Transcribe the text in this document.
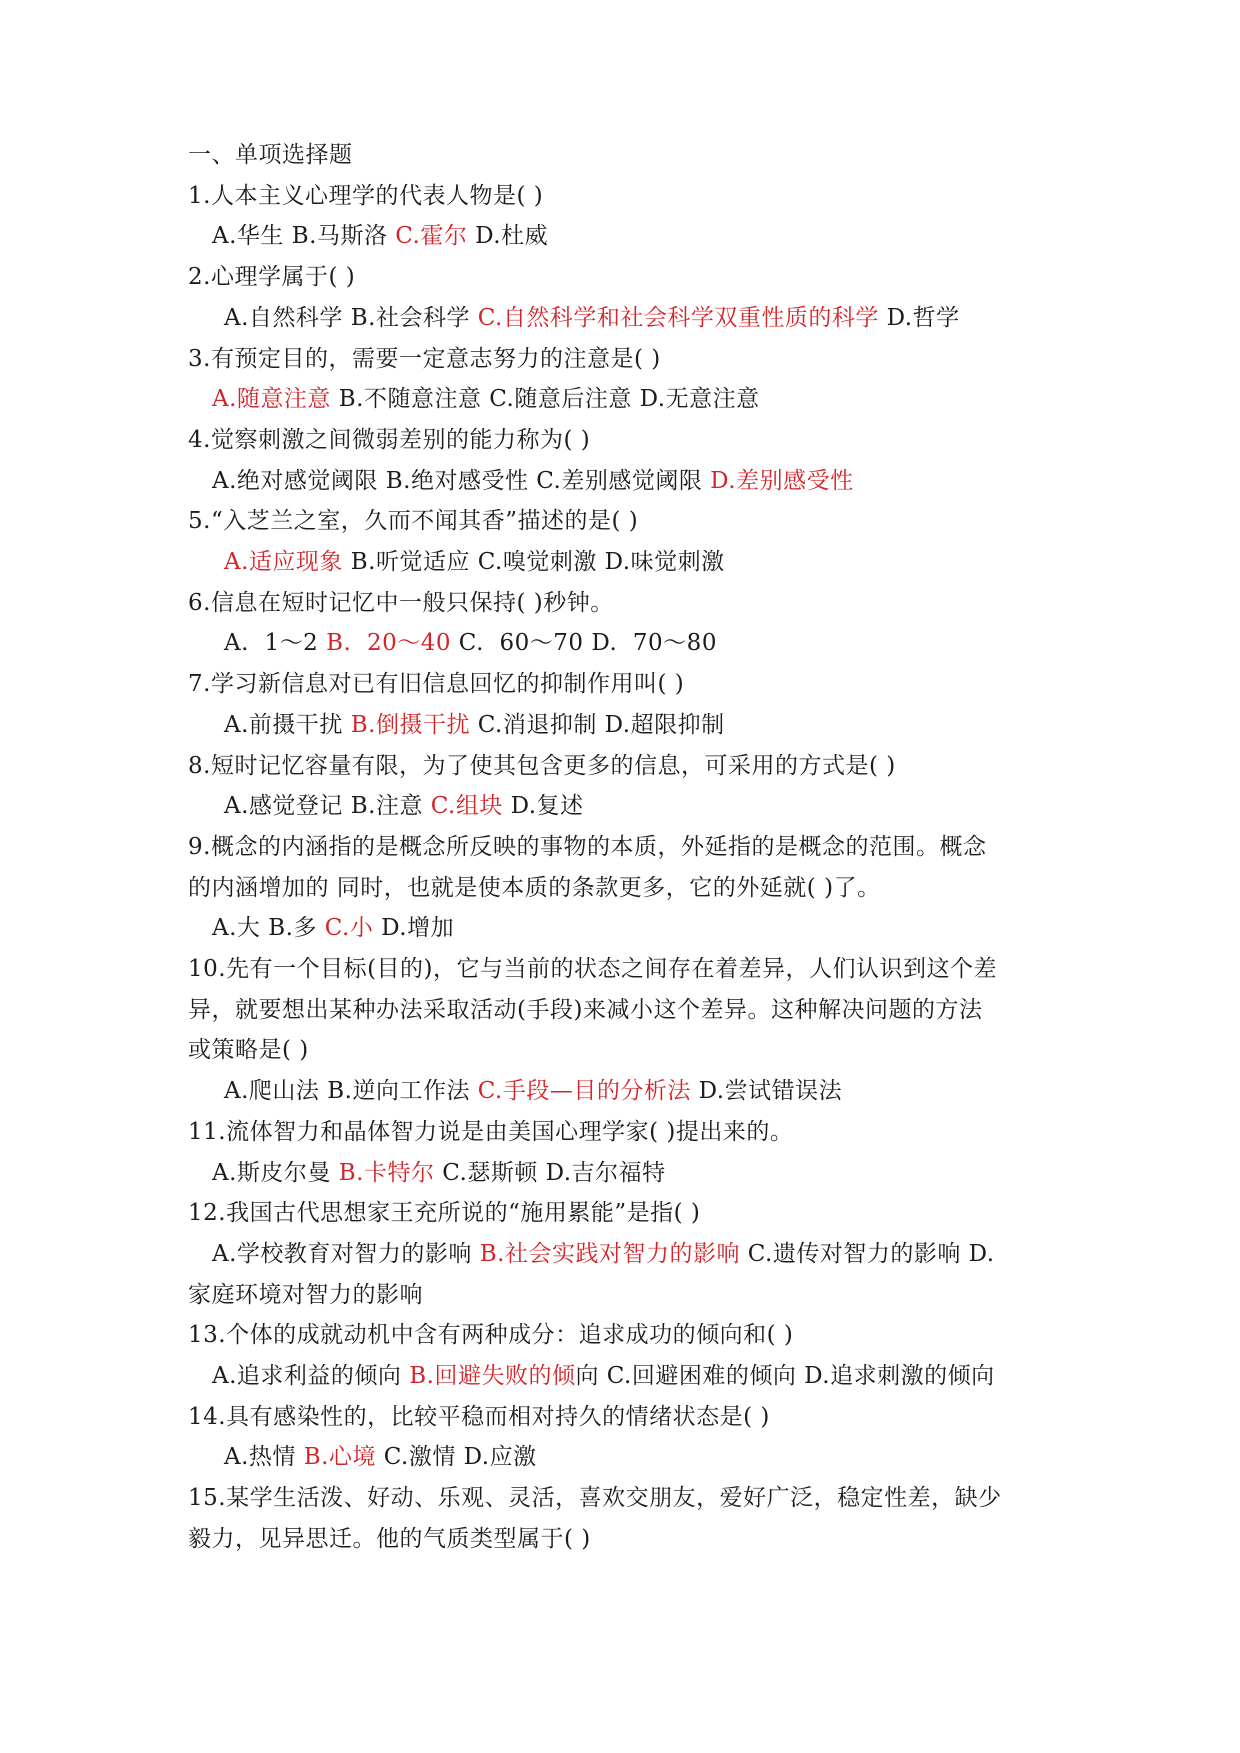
一、单项选择题
1.人本主义心理学的代表人物是( )
A.华生 B.马斯洛 C.霍尔 D.杜威
2.心理学属于( )
A.自然科学 B.社会科学 C.自然科学和社会科学双重性质的科学 D.哲学
3.有预定目的，需要一定意志努力的注意是( )
A.随意注意 B.不随意注意 C.随意后注意 D.无意注意
4.觉察刺激之间微弱差别的能力称为( )
A.绝对感觉阈限 B.绝对感受性 C.差别感觉阈限 D.差别感受性
5.“入芝兰之室，久而不闻其香”描述的是( )
A.适应现象 B.听觉适应 C.嗅觉刺激 D.味觉刺激
6.信息在短时记忆中一般只保持( )秒钟。
A.  1～2 B.  20～40 C.  60～70 D.  70～80
7.学习新信息对已有旧信息回忆的抑制作用叫( )
A.前摄干扰 B.倒摄干扰 C.消退抑制 D.超限抑制
8.短时记忆容量有限，为了使其包含更多的信息，可采用的方式是( )
A.感觉登记 B.注意 C.组块 D.复述
9.概念的内涵指的是概念所反映的事物的本质，外延指的是概念的范围。概念
的内涵增加的 同时，也就是使本质的条款更多，它的外延就( )了。
A.大 B.多 C.小 D.增加
10.先有一个目标(目的)，它与当前的状态之间存在着差异，人们认识到这个差
异，就要想出某种办法采取活动(手段)来减小这个差异。这种解决问题的方法
或策略是( )
A.爬山法 B.逆向工作法 C.手段—目的分析法 D.尝试错误法
11.流体智力和晶体智力说是由美国心理学家( )提出来的。
A.斯皮尔曼 B.卡特尔 C.瑟斯顿 D.吉尔福特
12.我国古代思想家王充所说的“施用累能”是指( )
A.学校教育对智力的影响 B.社会实践对智力的影响 C.遗传对智力的影响 D.
家庭环境对智力的影响
13.个体的成就动机中含有两种成分：追求成功的倾向和( )
A.追求利益的倾向 B.回避失败的倾向 C.回避困难的倾向 D.追求刺激的倾向
14.具有感染性的，比较平稳而相对持久的情绪状态是( )
A.热情 B.心境 C.激情 D.应激
15.某学生活泼、好动、乐观、灵活，喜欢交朋友，爱好广泛，稳定性差，缺少
毅力，见异思迁。他的气质类型属于( )
